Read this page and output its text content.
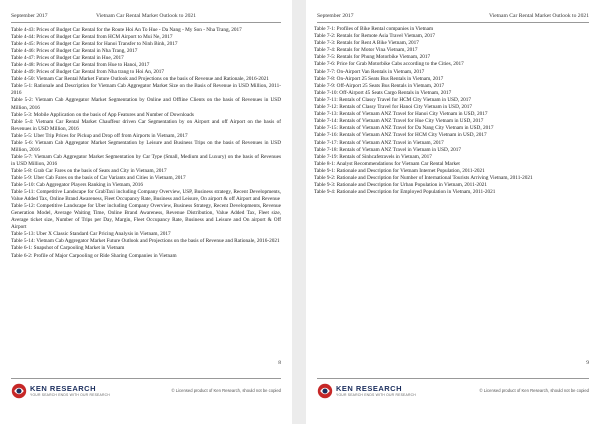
September 2017	Vietnam Car Rental Market Outlook to 2021

Table 4-43: Prices of Budget Car Rental for the Route Hoi An To Hue - Da Nang - My Son - Nha Trang, 2017

Table 4-44: Prices of Budget Car Rental from HCM Airport to Mui Ne, 2017

Table 4-45: Prices of Budget Car Rental for Hanoi Transfer to Ninh Binh, 2017

Table 4-46: Prices of Budget Car Rental in Nha Trang, 2017

Table 4-47: Prices of Budget Car Rental in Hue, 2017

Table 4-48: Prices of Budget Car Rental from Hue to Hanoi, 2017

Table 4-49: Prices of Budget Car Rental from Nha trang to Hoi An, 2017

Table 4-50: Vietnam Car Rental Market Future Outlook and Projections on the basis of Revenue and Rationale, 2016-2021

Table 5-1: Rationale and Description for Vietnam Cab Aggregator Market Size on the Basis of Revenue in USD Million, 2011-2016

Table 5-2: Vietnam Cab Aggregator Market Segmentation by Online and Offline Clients on the basis of Revenues in USD Million, 2016

Table 5-3: Mobile Application on the basis of App Features and Number of Downloads

Table 5-4: Vietnam Car Rental Market Chauffeur driven Car Segmentation by on Airport and off Airport on the basis of Revenues in USD Million, 2016

Table 5-5: Uber Trip Prices for Pickup and Drop off from Airports in Vietnam, 2017

Table 5-6: Vietnam Cab Aggregator Market Segmentation by Leisure and Business Trips on the basis of Revenues in USD Million, 2016

Table 5-7: Vietnam Cab Aggregator Market Segmentation by Car Type (Small, Medium and Luxury) on the basis of Revenues in USD Million, 2016

Table 5-8: Grab Car Fares on the basis of Seats and City in Vietnam, 2017

Table 5-9: Uber Cab Fares on the basis of Car Variants and Cities in Vietnam, 2017

Table 5-10: Cab Aggregator Players Ranking in Vietnam, 2016

Table 5-11: Competitive Landscape for GrabTaxi including Company Overview, USP, Business strategy, Recent Developments, Value Added Tax, Online Brand Awareness, Fleet Occupancy Rate, Business and Leisure, On airport & off Airport and Revenue

Table 5-12: Competitive Landscape for Uber including Company Overview, Business Strategy, Recent Developments, Revenue Generation Model, Average Waiting Time, Online Brand Awareness, Revenue Distribution, Value Added Tax, Fleet size, Average ticket size, Number of Trips per Day, Margin, Fleet Occupancy Rate, Business and Leisure and On airport & Off Airport

Table 5-13: Uber X Classic Standard Car Pricing Analysis in Vietnam, 2017

Table 5-14: Vietnam Cab Aggregator Market Future Outlook and Projections on the basis of Revenue and Rationale, 2016-2021

Table 6-1: Snapshot of Carpooling Market in Vietnam

Table 6-2: Profile of Major Carpooling or Ride Sharing Companies in Vietnam

8
KEN RESEARCH
YOUR SEARCH ENDS WITH OUR RESEARCH
© Licensed product of Ken Research, should not be copied
September 2017	Vietnam Car Rental Market Outlook to 2021

Table 7-1: Profiles of Bike Rental companies in Vietnam

Table 7-2: Rentals for Remote Asia Travel Vietnam, 2017

Table 7-3: Rentals for Rent A Bike Vietnam, 2017

Table 7-4: Rentals for Motor Vina Vietnam, 2017

Table 7-5: Rentals for Phung Motorbike Vietnam, 2017

Table 7-6: Price for Grab Motorbike Cabs according to the Cities, 2017

Table 7-7: On-Airport Van Rentals in Vietnam, 2017

Table 7-8: On-Airport 25 Seats Bus Rentals in Vietnam, 2017

Table 7-9: Off-Airport 25 Seats Bus Rentals in Vietnam, 2017

Table 7-10: Off-Airport 45 Seats Cargo Rentals in Vietnam, 2017

Table 7-11: Rentals of Classy Travel for HCM City Vietnam in USD, 2017

Table 7-12: Rentals of Classy Travel for Hanoi City Vietnam in USD, 2017

Table 7-13: Rentals of Vietnam ANZ Travel for Hanoi City Vietnam in USD, 2017

Table 7-14: Rentals of Vietnam ANZ Travel for Hue City Vietnam in USD, 2017

Table 7-15: Rentals of Vietnam ANZ Travel for Da Nang City Vietnam in USD, 2017

Table 7-16: Rentals of Vietnam ANZ Travel for HCM City Vietnam in USD, 2017

Table 7-17: Rentals of Vietnam ANZ Travel in Vietnam, 2017

Table 7-18: Rentals of Vietnam ANZ Travel in Vietnam in USD, 2017

Table 7-19: Rentals of Sinhcafetravels in Vietnam, 2017

Table 8-1: Analyst Recommendations for Vietnam Car Rental Market

Table 9-1: Rationale and Description for Vietnam Internet Population, 2011-2021

Table 9-2: Rationale and Description for Number of International Tourists Arriving Vietnam, 2011-2021

Table 9-3: Rationale and Description for Urban Population in Vietnam, 2011-2021

Table 9-4: Rationale and Description for Employed Population in Vietnam, 2011-2021

9
KEN RESEARCH
YOUR SEARCH ENDS WITH OUR RESEARCH
© Licensed product of Ken Research, should not be copied
